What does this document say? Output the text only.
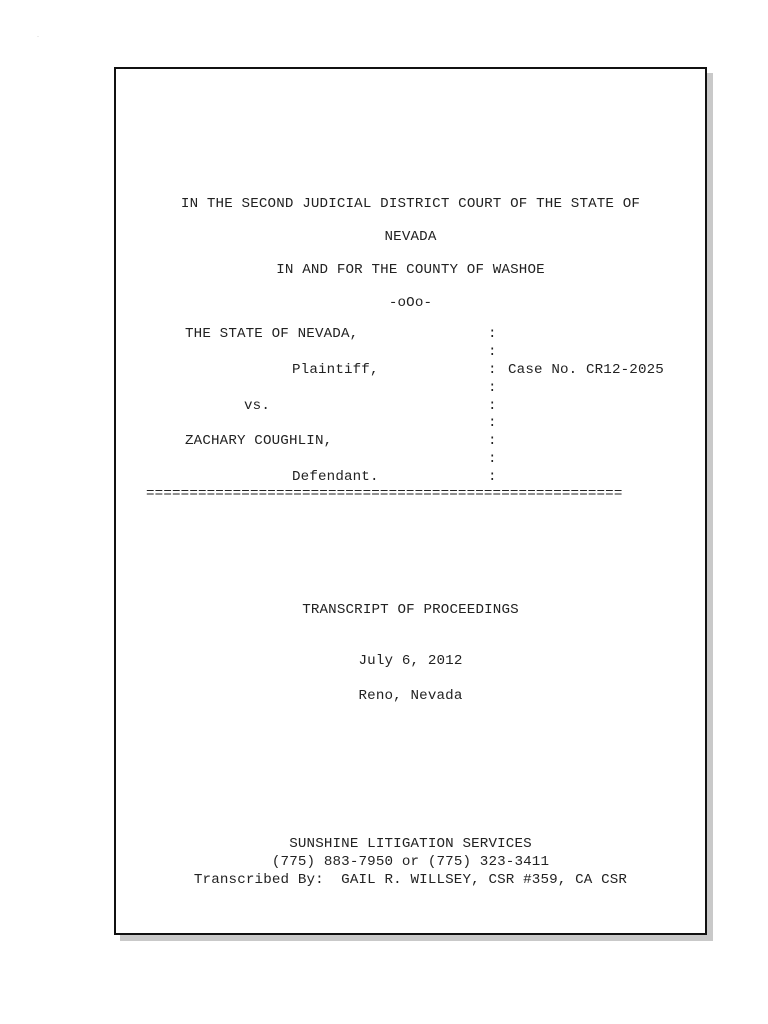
·
IN THE SECOND JUDICIAL DISTRICT COURT OF THE STATE OF
NEVADA
IN AND FOR THE COUNTY OF WASHOE
-oOo-
THE STATE OF NEVADA,
Plaintiff,
vs.
ZACHARY COUGHLIN,
Defendant.
:
:
:
:
:
:
:
:
:
Case No. CR12-2025
=======================================================
TRANSCRIPT OF PROCEEDINGS
July 6, 2012
Reno, Nevada
SUNSHINE LITIGATION SERVICES
(775) 883-7950 or (775) 323-3411
Transcribed By:  GAIL R. WILLSEY, CSR #359, CA CSR
